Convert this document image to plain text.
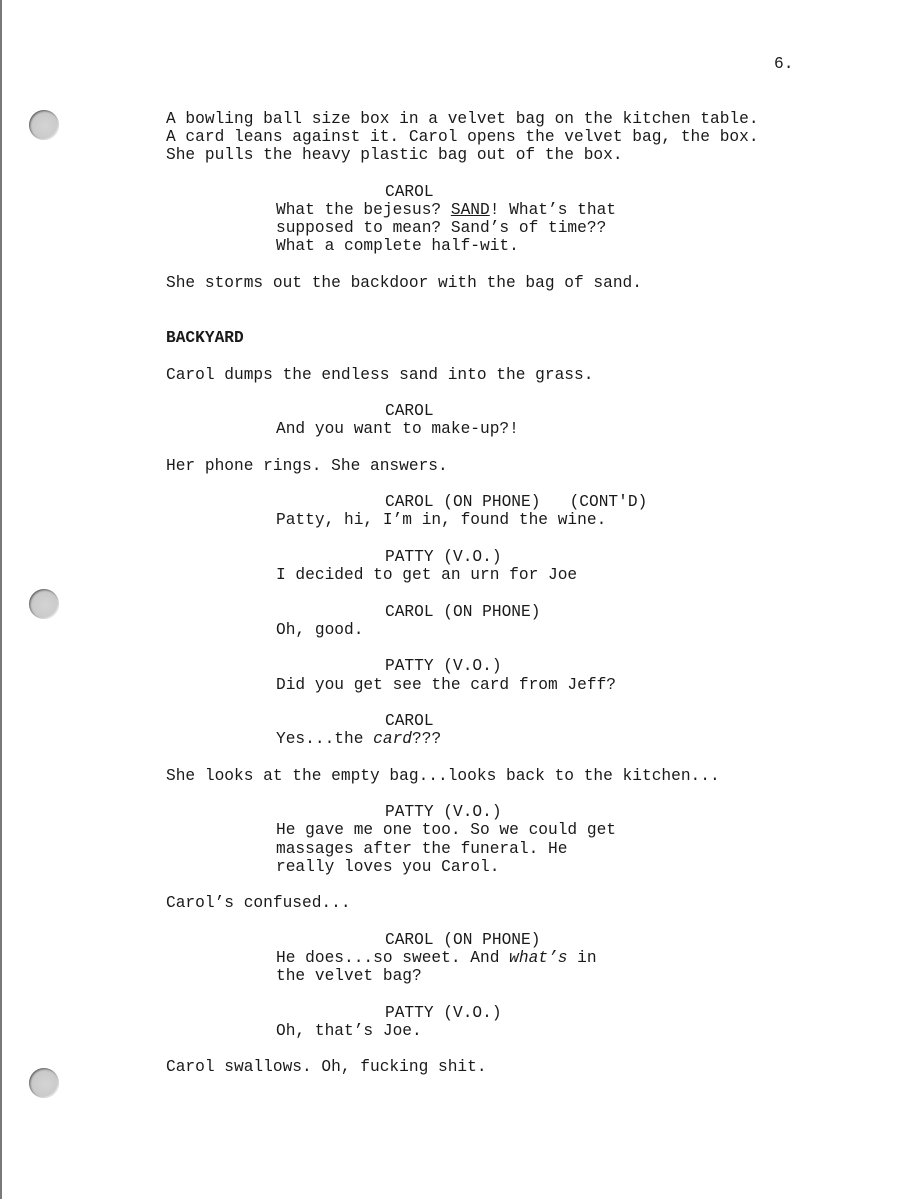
6.
A bowling ball size box in a velvet bag on the kitchen table.
A card leans against it. Carol opens the velvet bag, the box.
She pulls the heavy plastic bag out of the box.
CAROL
What the bejesus? SAND! What’s that
supposed to mean? Sand’s of time??
What a complete half-wit.
She storms out the backdoor with the bag of sand.
BACKYARD
Carol dumps the endless sand into the grass.
CAROL
And you want to make-up?!
Her phone rings. She answers.
CAROL (ON PHONE)   (CONT'D)
Patty, hi, I’m in, found the wine.
PATTY (V.O.)
I decided to get an urn for Joe
CAROL (ON PHONE)
Oh, good.
PATTY (V.O.)
Did you get see the card from Jeff?
CAROL
Yes...the card???
She looks at the empty bag...looks back to the kitchen...
PATTY (V.O.)
He gave me one too. So we could get
massages after the funeral. He
really loves you Carol.
Carol’s confused...
CAROL (ON PHONE)
He does...so sweet. And what’s in
the velvet bag?
PATTY (V.O.)
Oh, that’s Joe.
Carol swallows. Oh, fucking shit.
